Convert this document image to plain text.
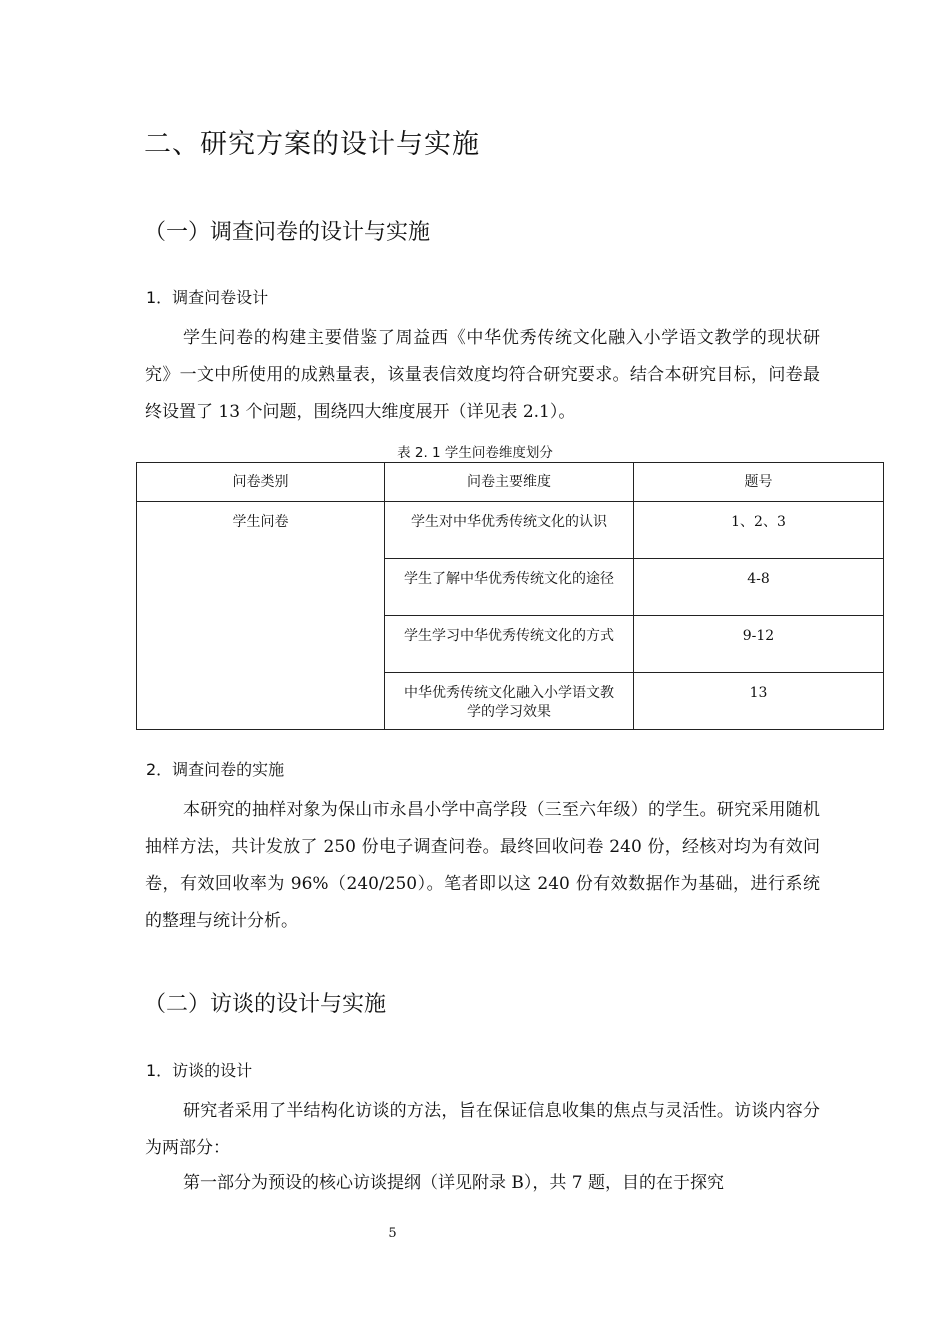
二、研究方案的设计与实施
（一）调查问卷的设计与实施
1．调查问卷设计

学生问卷的构建主要借鉴了周益西《中华优秀传统文化融入小学语文教学的现状研究》一文中所使用的成熟量表，该量表信效度均符合研究要求。结合本研究目标，问卷最终设置了 13 个问题，围绕四大维度展开（详见表 2.1）。

表 2. 1 学生问卷维度划分
问卷类别	问卷主要维度	题号
学生问卷	学生对中华优秀传统文化的认识	1、2、3
	学生了解中华优秀传统文化的途径	4-8
	学生学习中华优秀传统文化的方式	9-12
	中华优秀传统文化融入小学语文教学的学习效果	13
2．调查问卷的实施

本研究的抽样对象为保山市永昌小学中高学段（三至六年级）的学生。研究采用随机抽样方法，共计发放了 250 份电子调查问卷。最终回收问卷 240 份，经核对均为有效问卷，有效回收率为 96%（240/250）。笔者即以这 240 份有效数据作为基础，进行系统的整理与统计分析。

（二）访谈的设计与实施
1．访谈的设计

研究者采用了半结构化访谈的方法，旨在保证信息收集的焦点与灵活性。访谈内容分为两部分：

第一部分为预设的核心访谈提纲（详见附录 B），共 7 题，目的在于探究

5
